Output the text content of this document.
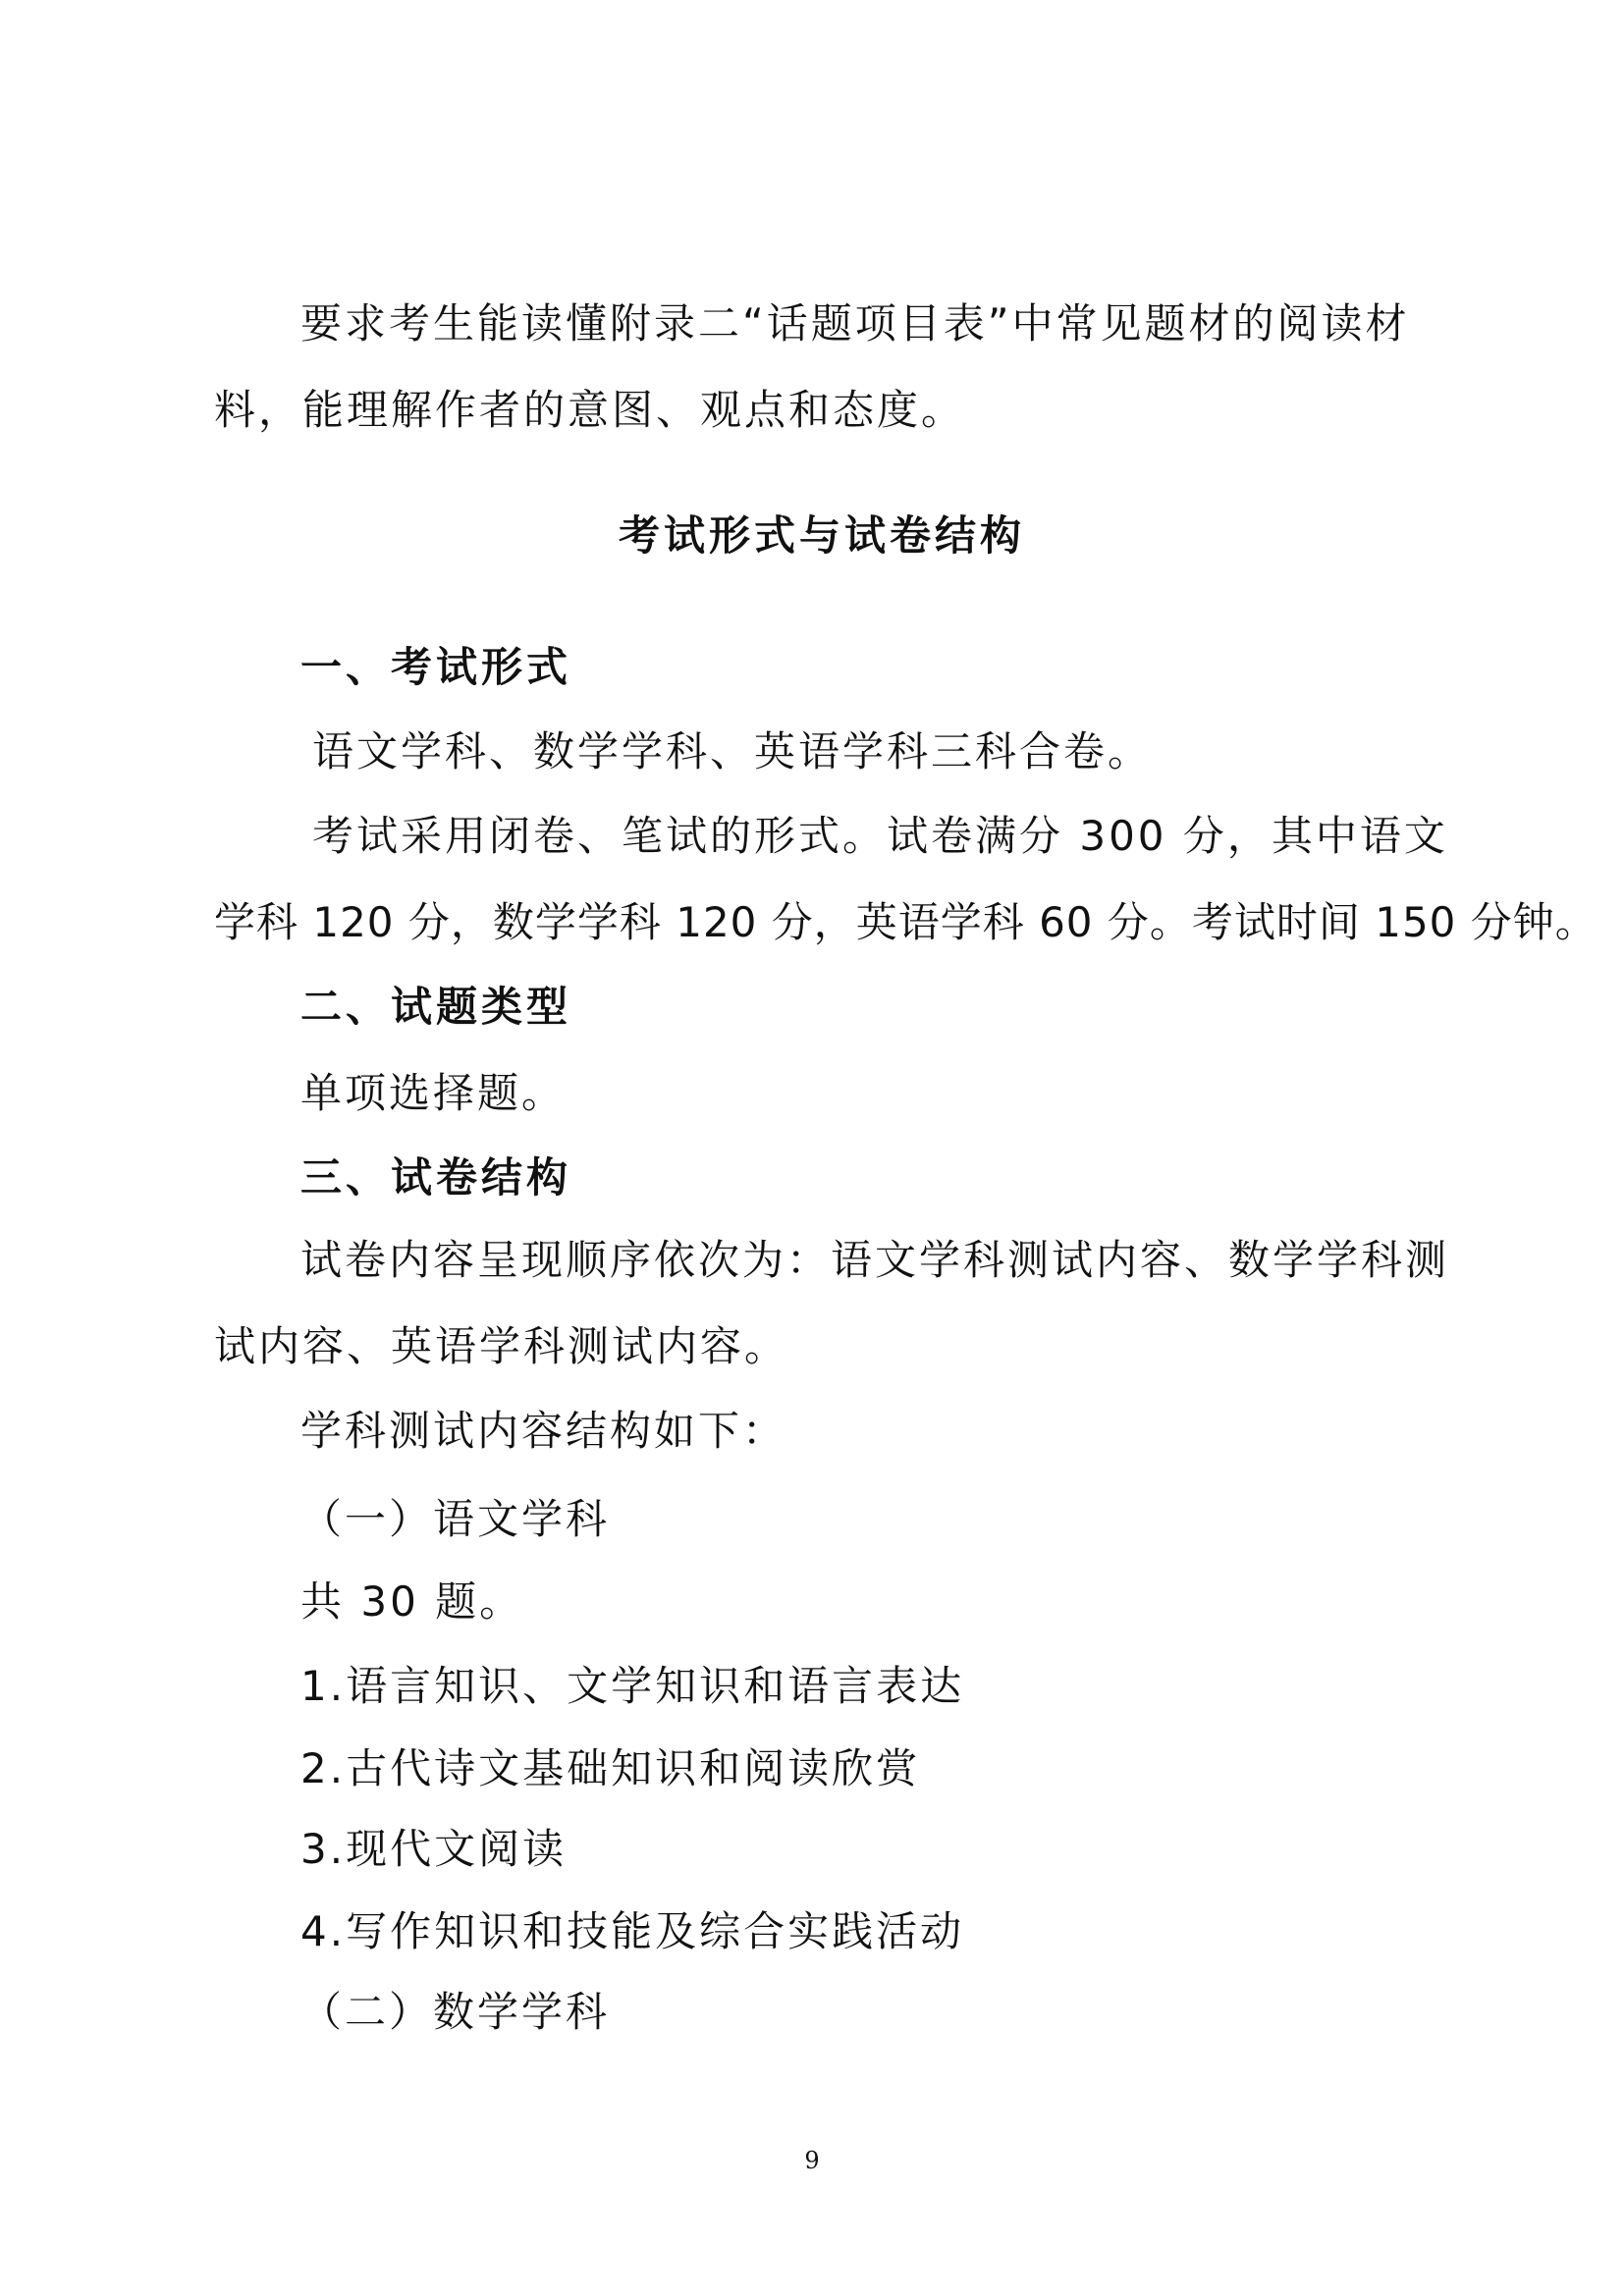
要求考生能读懂附录二“话题项目表”中常见题材的阅读材

料，能理解作者的意图、观点和态度。

考试形式与试卷结构

一、考试形式

语文学科、数学学科、英语学科三科合卷。

考试采用闭卷、笔试的形式。试卷满分 300 分，其中语文

学科 120 分，数学学科 120 分，英语学科 60 分。考试时间 150 分钟。

二、试题类型

单项选择题。

三、试卷结构

试卷内容呈现顺序依次为：语文学科测试内容、数学学科测

试内容、英语学科测试内容。

学科测试内容结构如下：

（一）语文学科

共 30 题。

1.语言知识、文学知识和语言表达

2.古代诗文基础知识和阅读欣赏

3.现代文阅读

4.写作知识和技能及综合实践活动

（二）数学学科

9
